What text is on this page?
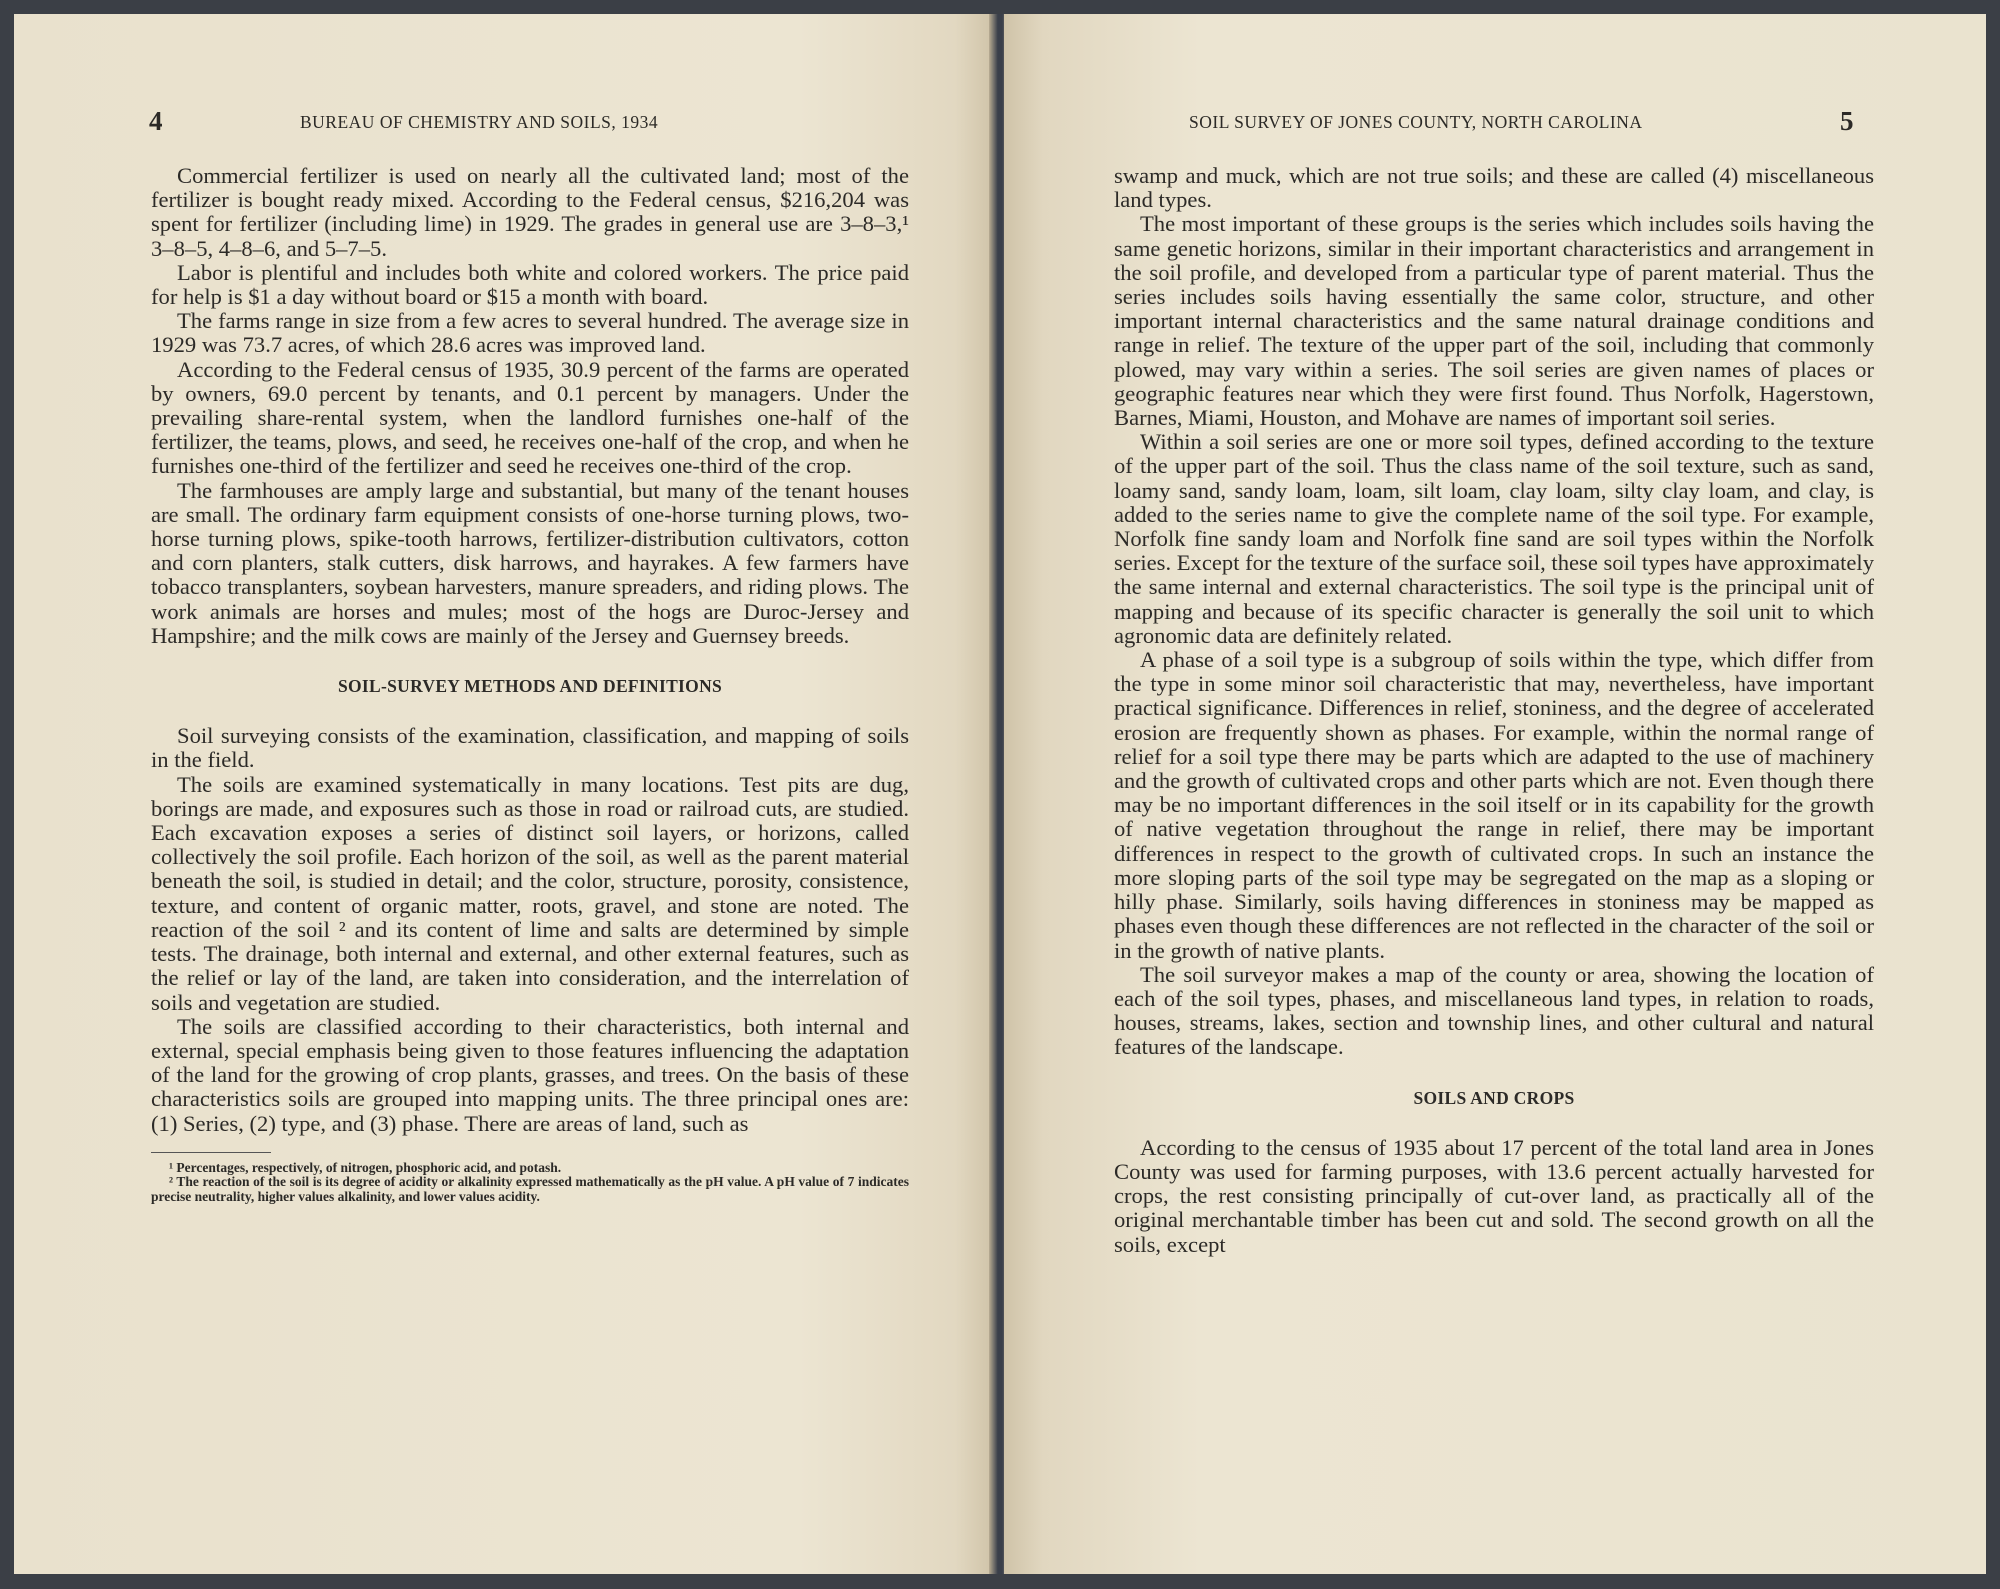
4	BUREAU OF CHEMISTRY AND SOILS, 1934

Commercial fertilizer is used on nearly all the cultivated land; most of the fertilizer is bought ready mixed. According to the Federal census, $216,204 was spent for fertilizer (including lime) in 1929. The grades in general use are 3–8–3,¹ 3–8–5, 4–8–6, and 5–7–5.

Labor is plentiful and includes both white and colored workers. The price paid for help is $1 a day without board or $15 a month with board.

The farms range in size from a few acres to several hundred. The average size in 1929 was 73.7 acres, of which 28.6 acres was improved land.

According to the Federal census of 1935, 30.9 percent of the farms are operated by owners, 69.0 percent by tenants, and 0.1 percent by managers. Under the prevailing share-rental system, when the landlord furnishes one-half of the fertilizer, the teams, plows, and seed, he receives one-half of the crop, and when he furnishes one-third of the fertilizer and seed he receives one-third of the crop.

The farmhouses are amply large and substantial, but many of the tenant houses are small. The ordinary farm equipment consists of one-horse turning plows, two-horse turning plows, spike-tooth harrows, fertilizer-distribution cultivators, cotton and corn planters, stalk cutters, disk harrows, and hayrakes. A few farmers have tobacco transplanters, soybean harvesters, manure spreaders, and riding plows. The work animals are horses and mules; most of the hogs are Duroc-Jersey and Hampshire; and the milk cows are mainly of the Jersey and Guernsey breeds.

SOIL-SURVEY METHODS AND DEFINITIONS

Soil surveying consists of the examination, classification, and mapping of soils in the field.

The soils are examined systematically in many locations. Test pits are dug, borings are made, and exposures such as those in road or railroad cuts, are studied. Each excavation exposes a series of distinct soil layers, or horizons, called collectively the soil profile. Each horizon of the soil, as well as the parent material beneath the soil, is studied in detail; and the color, structure, porosity, consistence, texture, and content of organic matter, roots, gravel, and stone are noted. The reaction of the soil ² and its content of lime and salts are determined by simple tests. The drainage, both internal and external, and other external features, such as the relief or lay of the land, are taken into consideration, and the interrelation of soils and vegetation are studied.

The soils are classified according to their characteristics, both internal and external, special emphasis being given to those features influencing the adaptation of the land for the growing of crop plants, grasses, and trees. On the basis of these characteristics soils are grouped into mapping units. The three principal ones are: (1) Series, (2) type, and (3) phase. There are areas of land, such as

¹ Percentages, respectively, of nitrogen, phosphoric acid, and potash.
² The reaction of the soil is its degree of acidity or alkalinity expressed mathematically as the pH value. A pH value of 7 indicates precise neutrality, higher values alkalinity, and lower values acidity.
SOIL SURVEY OF JONES COUNTY, NORTH CAROLINA	5

swamp and muck, which are not true soils; and these are called (4) miscellaneous land types.

The most important of these groups is the series which includes soils having the same genetic horizons, similar in their important characteristics and arrangement in the soil profile, and developed from a particular type of parent material. Thus the series includes soils having essentially the same color, structure, and other important internal characteristics and the same natural drainage conditions and range in relief. The texture of the upper part of the soil, including that commonly plowed, may vary within a series. The soil series are given names of places or geographic features near which they were first found. Thus Norfolk, Hagerstown, Barnes, Miami, Houston, and Mohave are names of important soil series.

Within a soil series are one or more soil types, defined according to the texture of the upper part of the soil. Thus the class name of the soil texture, such as sand, loamy sand, sandy loam, loam, silt loam, clay loam, silty clay loam, and clay, is added to the series name to give the complete name of the soil type. For example, Norfolk fine sandy loam and Norfolk fine sand are soil types within the Norfolk series. Except for the texture of the surface soil, these soil types have approximately the same internal and external characteristics. The soil type is the principal unit of mapping and because of its specific character is generally the soil unit to which agronomic data are definitely related.

A phase of a soil type is a subgroup of soils within the type, which differ from the type in some minor soil characteristic that may, nevertheless, have important practical significance. Differences in relief, stoniness, and the degree of accelerated erosion are frequently shown as phases. For example, within the normal range of relief for a soil type there may be parts which are adapted to the use of machinery and the growth of cultivated crops and other parts which are not. Even though there may be no important differences in the soil itself or in its capability for the growth of native vegetation throughout the range in relief, there may be important differences in respect to the growth of cultivated crops. In such an instance the more sloping parts of the soil type may be segregated on the map as a sloping or hilly phase. Similarly, soils having differences in stoniness may be mapped as phases even though these differences are not reflected in the character of the soil or in the growth of native plants.

The soil surveyor makes a map of the county or area, showing the location of each of the soil types, phases, and miscellaneous land types, in relation to roads, houses, streams, lakes, section and township lines, and other cultural and natural features of the landscape.

SOILS AND CROPS

According to the census of 1935 about 17 percent of the total land area in Jones County was used for farming purposes, with 13.6 percent actually harvested for crops, the rest consisting principally of cut-over land, as practically all of the original merchantable timber has been cut and sold. The second growth on all the soils, except
